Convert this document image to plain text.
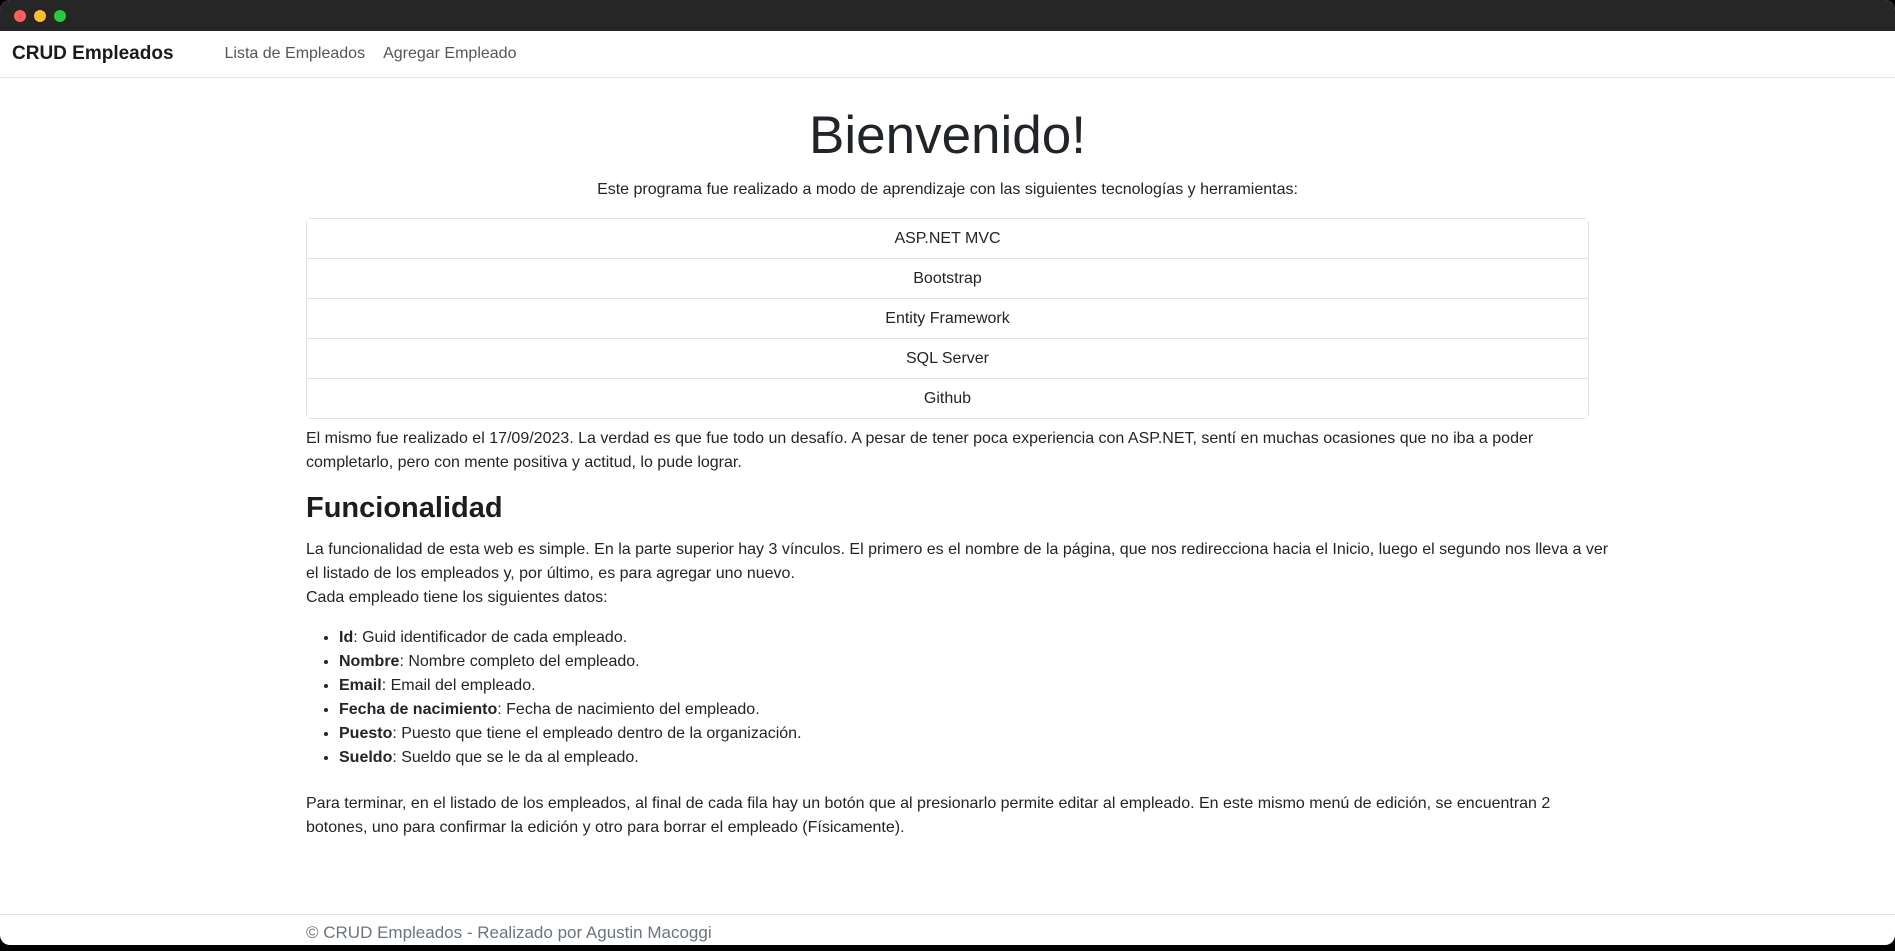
CRUD Empleados	Lista de Empleados	Agregar Empleado
Bienvenido!

Este programa fue realizado a modo de aprendizaje con las siguientes tecnologías y herramientas:

ASP.NET MVC
Bootstrap
Entity Framework
SQL Server
Github
El mismo fue realizado el 17/09/2023. La verdad es que fue todo un desafío. A pesar de tener poca experiencia con ASP.NET, sentí en muchas ocasiones que no iba a poder
completarlo, pero con mente positiva y actitud, lo pude lograr.
Funcionalidad
La funcionalidad de esta web es simple. En la parte superior hay 3 vínculos. El primero es el nombre de la página, que nos redirecciona hacia el Inicio, luego el segundo nos lleva a ver
el listado de los empleados y, por último, es para agregar uno nuevo.
Cada empleado tiene los siguientes datos:
• Id: Guid identificador de cada empleado.
• Nombre: Nombre completo del empleado.
• Email: Email del empleado.
• Fecha de nacimiento: Fecha de nacimiento del empleado.
• Puesto: Puesto que tiene el empleado dentro de la organización.
• Sueldo: Sueldo que se le da al empleado.
Para terminar, en el listado de los empleados, al final de cada fila hay un botón que al presionarlo permite editar al empleado. En este mismo menú de edición, se encuentran 2
botones, uno para confirmar la edición y otro para borrar el empleado (Físicamente).
© CRUD Empleados - Realizado por Agustin Macoggi
